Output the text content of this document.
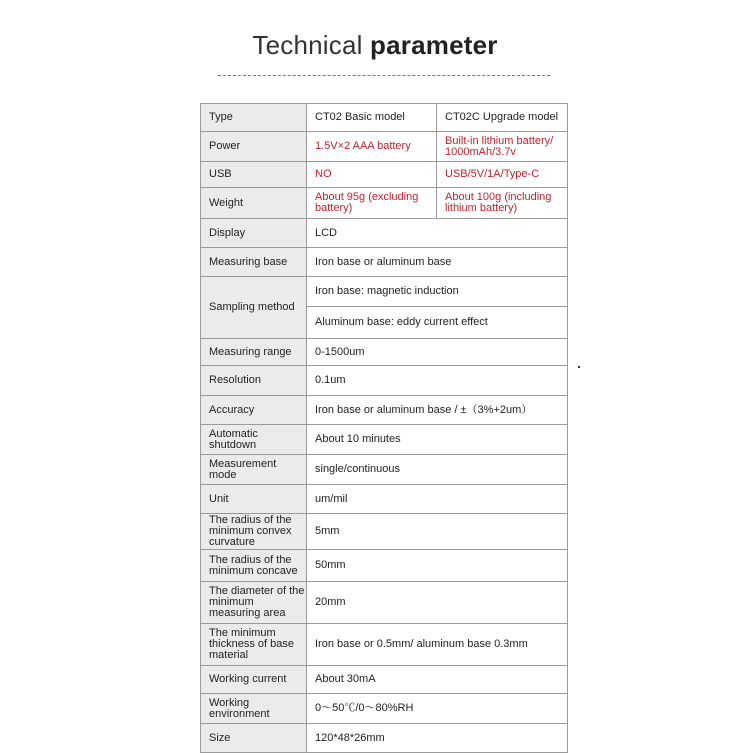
Technical parameter
Type	CT02 Basic model	CT02C Upgrade model
Power	1.5V×2 AAA battery	Built-in lithium battery/ 1000mAh/3.7v
USB	NO	USB/5V/1A/Type-C
Weight	About 95g (excluding battery)	About 100g (including lithium battery)
Display	LCD	
Measuring base	Iron base or aluminum base	
Sampling method	Iron base: magnetic induction	
	Aluminum base: eddy current effect	
Measuring range	0-1500um	
Resolution	0.1um	
Accuracy	Iron base or aluminum base / ±（3%+2um）	
Automatic shutdown	About 10 minutes	
Measurement mode	single/continuous	
Unit	um/mil	
The radius of the minimum convex curvature	5mm	
The radius of the minimum concave	50mm	
The diameter of the minimum measuring area	20mm	
The minimum thickness of base material	Iron base or 0.5mm/ aluminum base 0.3mm	
Working current	About 30mA	
Working environment	0～50℃/0～80%RH	
Size	120*48*26mm	
